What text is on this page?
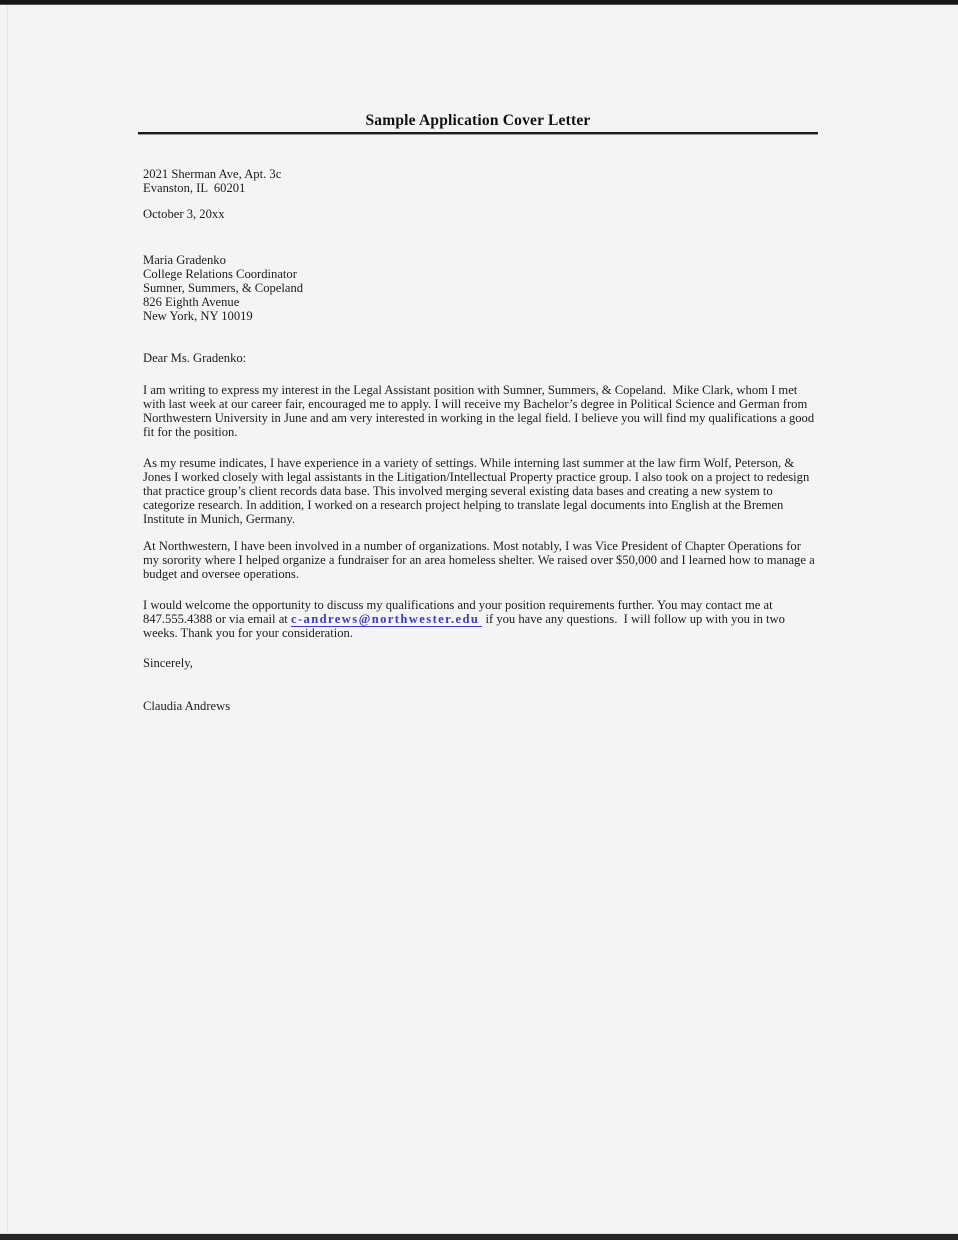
Sample Application Cover Letter
2021 Sherman Ave, Apt. 3c
Evanston, IL  60201
October 3, 20xx
Maria Gradenko
College Relations Coordinator
Sumner, Summers, & Copeland
826 Eighth Avenue
New York, NY 10019
Dear Ms. Gradenko:

I am writing to express my interest in the Legal Assistant position with Sumner, Summers, & Copeland.  Mike Clark, whom I met with last week at our career fair, encouraged me to apply. I will receive my Bachelor’s degree in Political Science and German from Northwestern University in June and am very interested in working in the legal field. I believe you will find my qualifications a good fit for the position.

As my resume indicates, I have experience in a variety of settings. While interning last summer at the law firm Wolf, Peterson, & Jones I worked closely with legal assistants in the Litigation/Intellectual Property practice group. I also took on a project to redesign that practice group’s client records data base. This involved merging several existing data bases and creating a new system to categorize research. In addition, I worked on a research project helping to translate legal documents into English at the Bremen Institute in Munich, Germany.

At Northwestern, I have been involved in a number of organizations. Most notably, I was Vice President of Chapter Operations for my sorority where I helped organize a fundraiser for an area homeless shelter. We raised over $50,000 and I learned how to manage a budget and oversee operations.

I would welcome the opportunity to discuss my qualifications and your position requirements further. You may contact me at 847.555.4388 or via email at c-andrews@northwester.edu if you have any questions.  I will follow up with you in two weeks. Thank you for your consideration.

Sincerely,
Claudia Andrews
